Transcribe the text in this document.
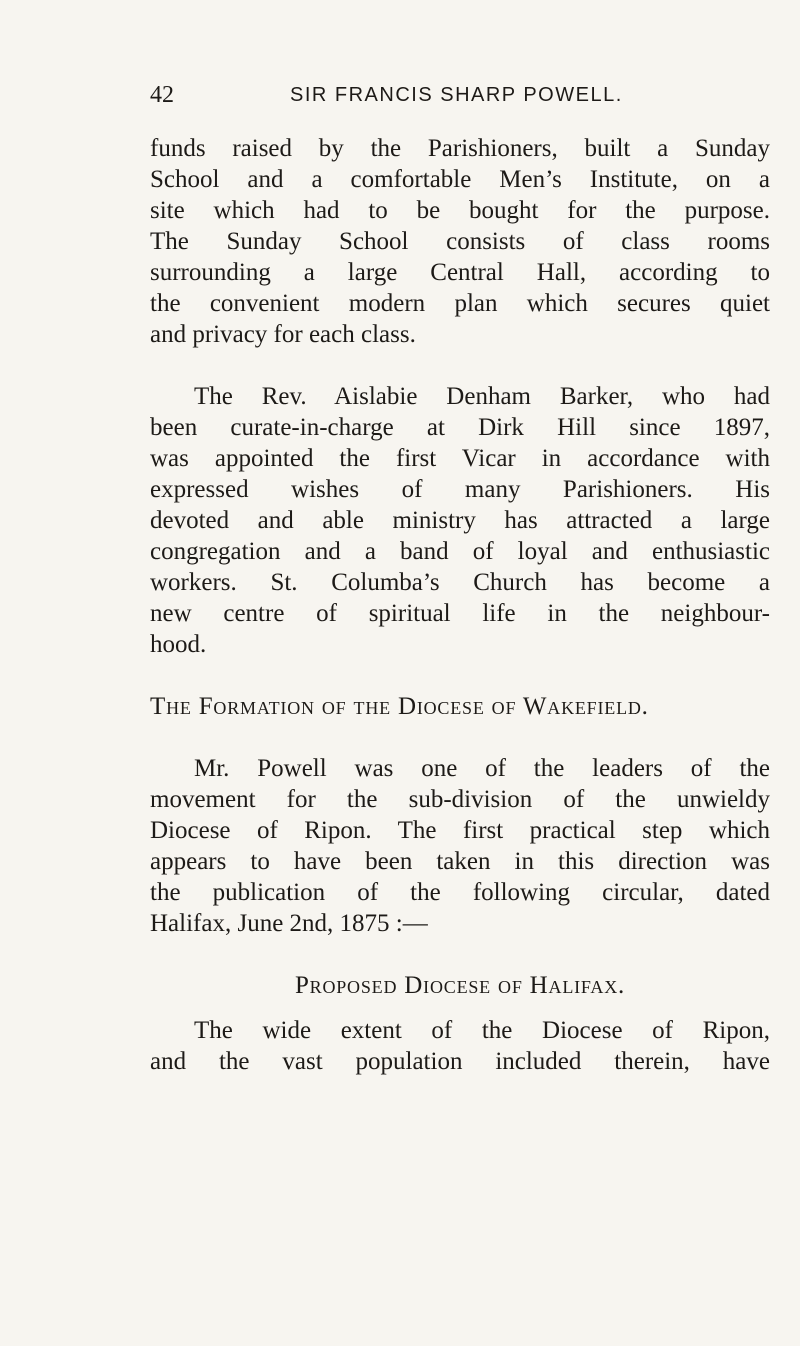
42	SIR FRANCIS SHARP POWELL.
funds raised by the Parishioners, built a Sunday
School and a comfortable Men’s Institute, on a
site which had to be bought for the purpose.
The Sunday School consists of class rooms
surrounding a large Central Hall, according to
the convenient modern plan which secures quiet
and privacy for each class.
The Rev. Aislabie Denham Barker, who had
been curate-in-charge at Dirk Hill since 1897,
was appointed the first Vicar in accordance with
expressed wishes of many Parishioners. His
devoted and able ministry has attracted a large
congregation and a band of loyal and enthusiastic
workers. St. Columba’s Church has become a
new centre of spiritual life in the neighbour-
hood.
The Formation of the Diocese of Wakefield.
Mr. Powell was one of the leaders of the
movement for the sub-division of the unwieldy
Diocese of Ripon. The first practical step which
appears to have been taken in this direction was
the publication of the following circular, dated
Halifax, June 2nd, 1875 :—
Proposed Diocese of Halifax.
The wide extent of the Diocese of Ripon,
and the vast population included therein, have
